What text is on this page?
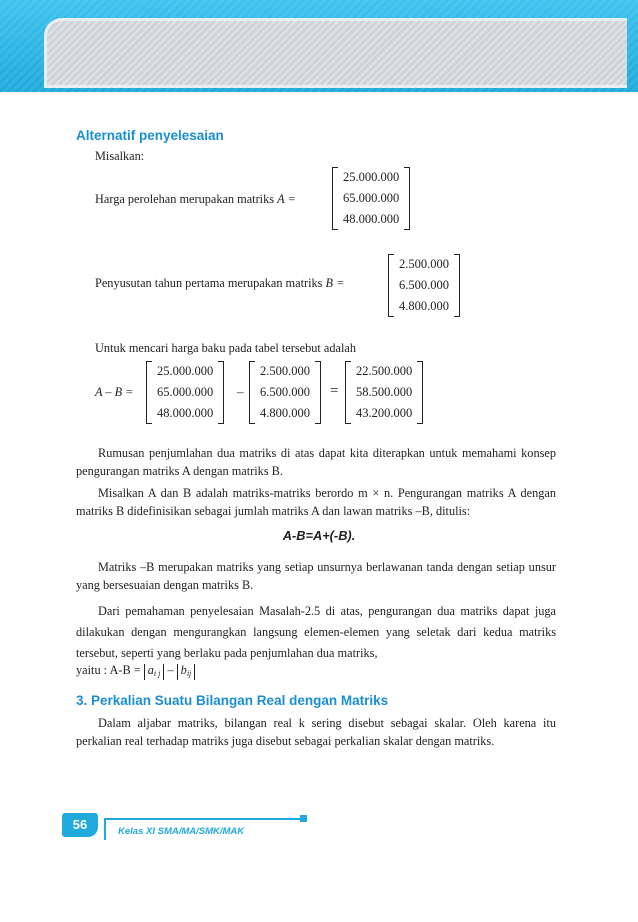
Alternatif penyelesaian
Misalkan:
Harga perolehan merupakan matriks A =
25.000.000
65.000.000
48.000.000
Penyusutan tahun pertama merupakan matriks B =
2.500.000
6.500.000
4.800.000
Untuk mencari harga baku pada tabel tersebut adalah
A – B =
25.000.000
65.000.000
48.000.000
–
2.500.000
6.500.000
4.800.000
=
22.500.000
58.500.000
43.200.000
Rumusan penjumlahan dua matriks di atas dapat kita diterapkan untuk memahami konsep pengurangan matriks A dengan matriks B.
Misalkan A dan B adalah matriks-matriks berordo m × n. Pengurangan matriks A dengan matriks B didefinisikan sebagai jumlah matriks A dan lawan matriks –B, ditulis:
A-B=A+(-B).
Matriks –B merupakan matriks yang setiap unsurnya berlawanan tanda dengan setiap unsur yang bersesuaian dengan matriks B.
Dari pemahaman penyelesaian Masalah-2.5 di atas, pengurangan dua matriks dapat juga dilakukan dengan mengurangkan langsung elemen-elemen yang seletak dari kedua matriks tersebut, seperti yang berlaku pada penjumlahan dua matriks,
yaitu : $A-B = a_{i j} - b_{ij}$
3. Perkalian Suatu Bilangan Real dengan Matriks
Dalam aljabar matriks, bilangan real k sering disebut sebagai skalar. Oleh karena itu perkalian real terhadap matriks juga disebut sebagai perkalian skalar dengan matriks.
56	Kelas XI SMA/MA/SMK/MAK
